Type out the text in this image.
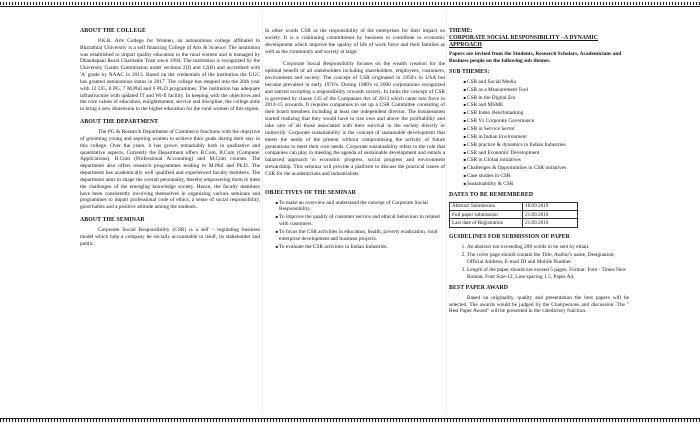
ABOUT THE COLLEGE

P.K.R. Arts College for Women, an autonomous college affiliated to Bharathiar University is a self financing College of Arts & Science. The institution was established to impart quality education to the rural women and is managed by Dhandapani Rural Charitable Trust since 1994. The institution is recognized by the University Grants Commission under sections 2(f) and 12(B) and accredited with 'A' grade by NAAC in 2013. Based on the credentials of the institution the UGC has granted autonomous status in 2017. The college has stepped into the 26th year with 12 UG, 8 PG, 7 M.Phil and 6 Ph.D programmes. The institution has adequate infrastructure with updated IT and Wi-fi facility. In keeping with the objectives and the core values of education, enlightenment, service and discipline, the college aims to bring a new dimension to the higher education for the rural women of this region.

ABOUT THE DEPARTMENT

The PG & Research Department of Commerce functions with the objective of grooming young and aspiring women to achieve their goals during their stay in this college. Over the years, it has grown remarkably both in qualitative and quantitative aspects. Currently the Department offers B.Com, B.Com (Computer Applications), B.Com (Professional Accounting) and M.Com courses. The department also offers research programmes leading to M.Phil and Ph.D. The department has academically well qualified and experienced faculty members. The department aims to shape the overall personality, thereby empowering them to meet the challenges of the emerging knowledge society. Hence, the faculty members have been consistently involving themselves in organizing various seminars and programmes to impart professional code of ethics, a sense of social responsibility, good habits and a positive attitude among the students.

ABOUT THE SEMINAR

Corporate Social Responsibility (CSR) is a self – regulating business model which help a company be socially accountable to itself, its stakeholder and public.

In other words CSR as the responsibility of the enterprises for their impact on society. It is a continuing commitment by business to contribute to economic development which improve the quality of life of work force and their families as well as the community and society at large.

Corporate Social Responsibility focuses on the wealth creation for the optimal benefit of all stakeholders including shareholders, employees, customers, environment and society. The concept of CSR originated in 1950's in USA but became prevalent in early 1970's. During 1980's to 2000 corporations recognized and started accepting a responsibility towards society. In India the concept of CSR is governed by clause 135 of the Companies Act of 2013 which came into force in 2014-15 onwards. It requires companies to set up a CSR Committee consisting of their board members including at least one independent director. The businessmen started realizing that they would have to rise own and above the profitability and take care of all those associated with their survival in the society directly or indirectly. Corporate sustainability is the concept of sustainable development that meets the needs of the present without compromising the activity of future generations to meet their own needs. Corporate sustainability refers to the role that companies can play in meeting the agenda of sustainable development and entails a balanced approach to economic progress, social progress and environment stewardship. This seminar will provide a platform to discuss the practical issues of CSR for the academicians and industrialists.

OBJECTIVES OF THE SEMINAR
• To make an overview and understand the concept of Corporate Social Responsibility.
• To improve the quality of customer service and ethical behaviour in related with customers.
• To focus the CSR activities in education, health, poverty eradication, rural enterprise development and business projects.
• To evaluate the CSR activities in Indian Industries.
THEME:
CORPORATE SOCIAL RESPONSIBILITY - A DYNAMIC APPROACH
Papers are invited from the Students, Research Scholars, Academicians and Business people on the following sub themes.
SUB THEMES:
• CSR and Social Media
• CSR as a Measurement Tool
• CSR in the Digital Era
• CSR and MSME
• CSR Index Benchmarking
• CSR Vs Corporate Governance
• CSR in Service Sector
• CSR in Indian Environment
• CSR practice & dynamics in Indian Industries
• CSR and Economic Development
• CSR in Global initiatives
• Challenges & Opportunities in CSR initiatives
• Case studies in CSR
• Sustainability & CSR
DATES TO BE REMEMBERED
Abstract Submission	18.09.2019
Full paper submission	21.09.2019
Last date of Registration	21.09.2019
GUIDELINES FOR SUBMISSION OF PAPER
1. An abstract not exceeding 200 words to be sent by email.
2. The cover page should contain the Title, Author's name, Designation, Official Address, E-mail ID and Mobile Number.
3. Length of the paper should not exceed 5 pages. Format: Font - Times New Roman, Font Size-12, Line spacing 1.5, Paper A4.
BEST PAPER AWARD

Based on originality, quality and presentation the best papers will be selected. The awards would be judged by the Chairpersons and discussion. The " Best Paper Award" will be presented in the valedictory function.
